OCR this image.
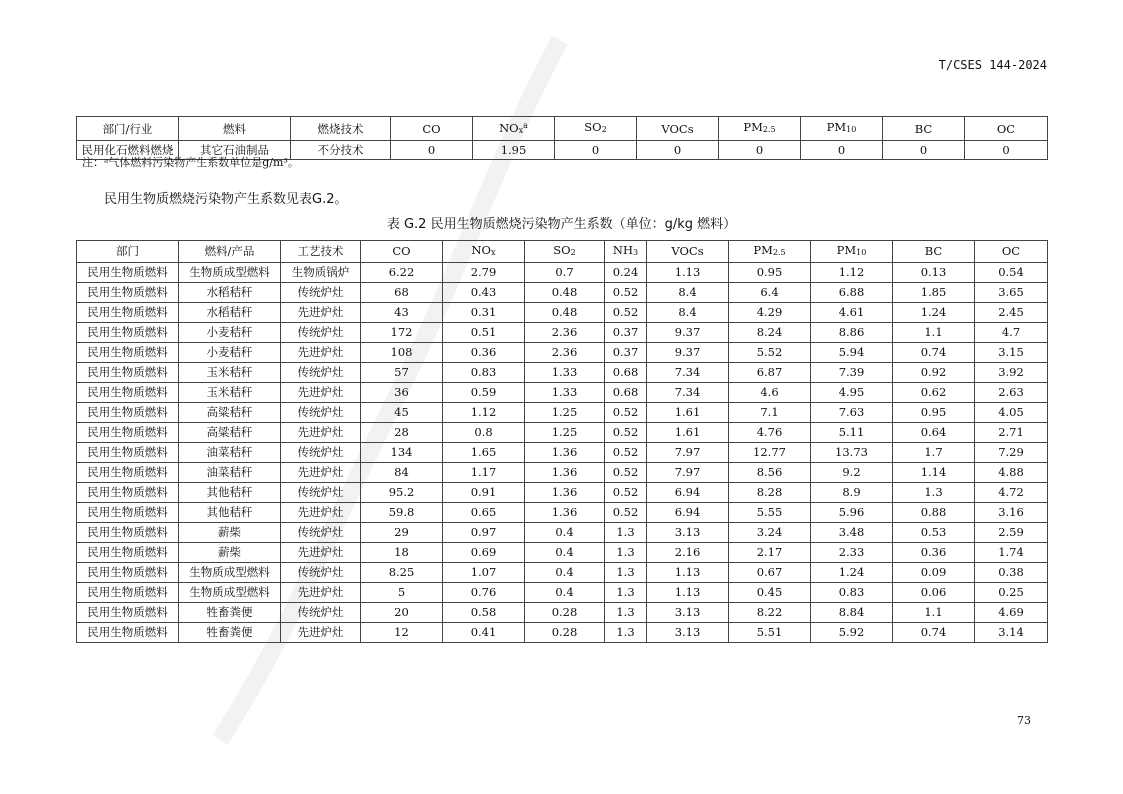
T/CSES 144-2024
部门/行业	燃料	燃烧技术	CO	$NO_x^a$	$SO_2$	VOCs	$PM_{2.5}$	$PM_{10}$	BC	OC
民用化石燃料燃烧	其它石油制品	不分技术	0	1.95	0	0	0	0	0	0
注：ᵃ气体燃料污染物产生系数单位是g/m³。
民用生物质燃烧污染物产生系数见表G.2。
表 G.2 民用生物质燃烧污染物产生系数（单位：g/kg 燃料）
部门	燃料/产品	工艺技术	CO	$NO_x$	$SO_2$	$NH_3$	VOCs	$PM_{2.5}$	$PM_{10}$	BC	OC
民用生物质燃料	生物质成型燃料	生物质锅炉	6.22	2.79	0.7	0.24	1.13	0.95	1.12	0.13	0.54
民用生物质燃料	水稻秸秆	传统炉灶	68	0.43	0.48	0.52	8.4	6.4	6.88	1.85	3.65
民用生物质燃料	水稻秸秆	先进炉灶	43	0.31	0.48	0.52	8.4	4.29	4.61	1.24	2.45
民用生物质燃料	小麦秸秆	传统炉灶	172	0.51	2.36	0.37	9.37	8.24	8.86	1.1	4.7
民用生物质燃料	小麦秸秆	先进炉灶	108	0.36	2.36	0.37	9.37	5.52	5.94	0.74	3.15
民用生物质燃料	玉米秸秆	传统炉灶	57	0.83	1.33	0.68	7.34	6.87	7.39	0.92	3.92
民用生物质燃料	玉米秸秆	先进炉灶	36	0.59	1.33	0.68	7.34	4.6	4.95	0.62	2.63
民用生物质燃料	高粱秸秆	传统炉灶	45	1.12	1.25	0.52	1.61	7.1	7.63	0.95	4.05
民用生物质燃料	高粱秸秆	先进炉灶	28	0.8	1.25	0.52	1.61	4.76	5.11	0.64	2.71
民用生物质燃料	油菜秸秆	传统炉灶	134	1.65	1.36	0.52	7.97	12.77	13.73	1.7	7.29
民用生物质燃料	油菜秸秆	先进炉灶	84	1.17	1.36	0.52	7.97	8.56	9.2	1.14	4.88
民用生物质燃料	其他秸秆	传统炉灶	95.2	0.91	1.36	0.52	6.94	8.28	8.9	1.3	4.72
民用生物质燃料	其他秸秆	先进炉灶	59.8	0.65	1.36	0.52	6.94	5.55	5.96	0.88	3.16
民用生物质燃料	薪柴	传统炉灶	29	0.97	0.4	1.3	3.13	3.24	3.48	0.53	2.59
民用生物质燃料	薪柴	先进炉灶	18	0.69	0.4	1.3	2.16	2.17	2.33	0.36	1.74
民用生物质燃料	生物质成型燃料	传统炉灶	8.25	1.07	0.4	1.3	1.13	0.67	1.24	0.09	0.38
民用生物质燃料	生物质成型燃料	先进炉灶	5	0.76	0.4	1.3	1.13	0.45	0.83	0.06	0.25
民用生物质燃料	牲畜粪便	传统炉灶	20	0.58	0.28	1.3	3.13	8.22	8.84	1.1	4.69
民用生物质燃料	牲畜粪便	先进炉灶	12	0.41	0.28	1.3	3.13	5.51	5.92	0.74	3.14
73
